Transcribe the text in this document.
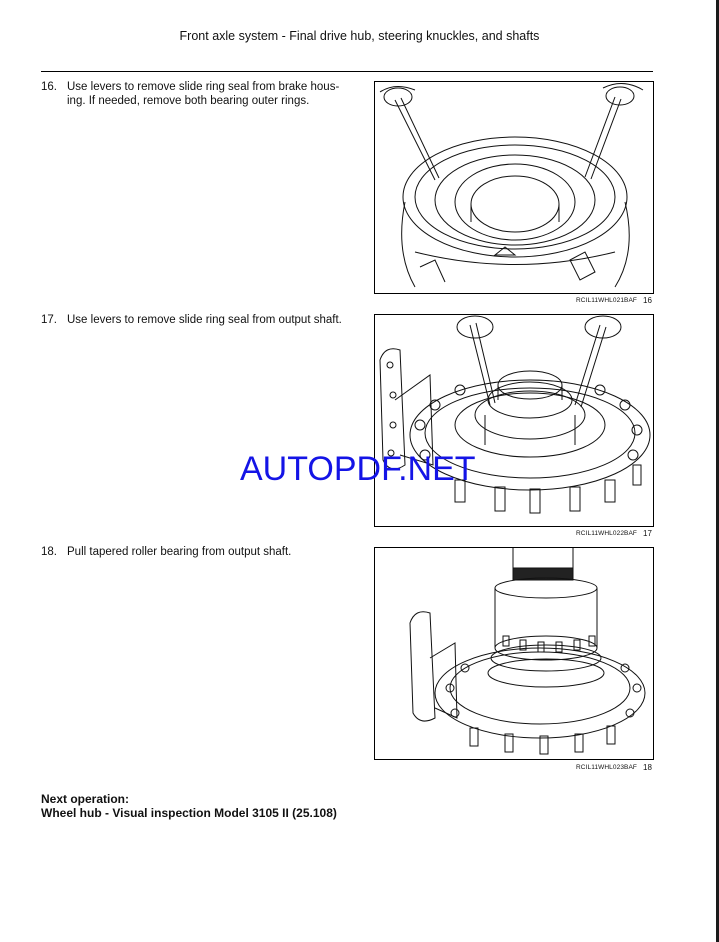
Front axle system - Final drive hub, steering knuckles, and shafts
16. Use levers to remove slide ring seal from brake hous-ing. If needed, remove both bearing outer rings.
RCIL11WHL021BAF 16
17. Use levers to remove slide ring seal from output shaft.
RCIL11WHL022BAF 17
AUTOPDF.NET
18. Pull tapered roller bearing from output shaft.
RCIL11WHL023BAF 18
Next operation:
Wheel hub - Visual inspection Model 3105 II (25.108)
